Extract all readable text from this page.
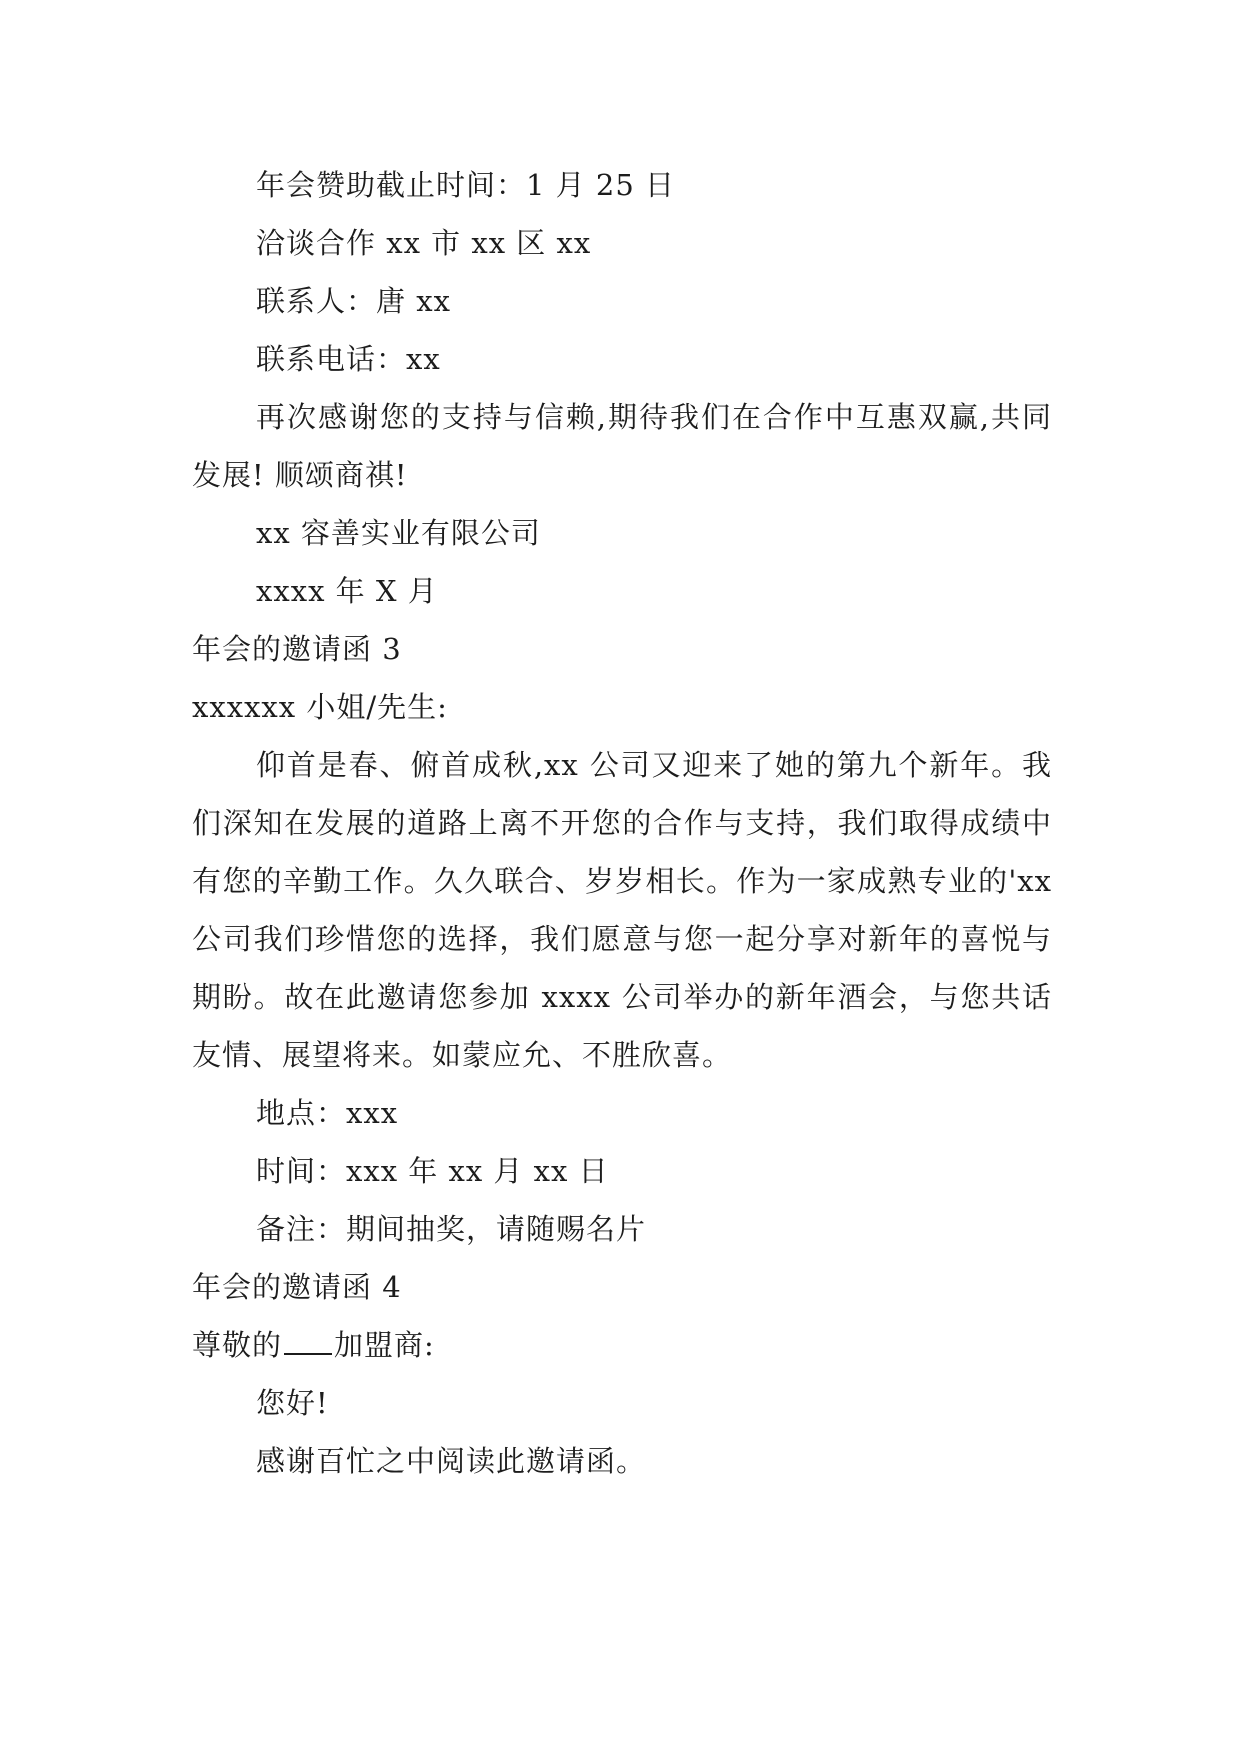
年会赞助截止时间：1 月 25 日
洽谈合作 xx 市 xx 区 xx
联系人：唐 xx
联系电话：xx

再次感谢您的支持与信赖,期待我们在合作中互惠双赢,共同发展! 顺颂商祺!

xx 容善实业有限公司
xxxx 年 X 月
年会的邀请函 3
xxxxxx 小姐/先生:

仰首是春、俯首成秋,xx 公司又迎来了她的第九个新年。我们深知在发展的道路上离不开您的合作与支持，我们取得成绩中有您的辛勤工作。久久联合、岁岁相长。作为一家成熟专业的'xx 公司我们珍惜您的选择，我们愿意与您一起分享对新年的喜悦与期盼。故在此邀请您参加 xxxx 公司举办的新年酒会，与您共话友情、展望将来。如蒙应允、不胜欣喜。

地点：xxx
时间：xxx 年 xx 月 xx 日
备注：期间抽奖，请随赐名片
年会的邀请函 4
尊敬的 加盟商:
您好!
感谢百忙之中阅读此邀请函。
